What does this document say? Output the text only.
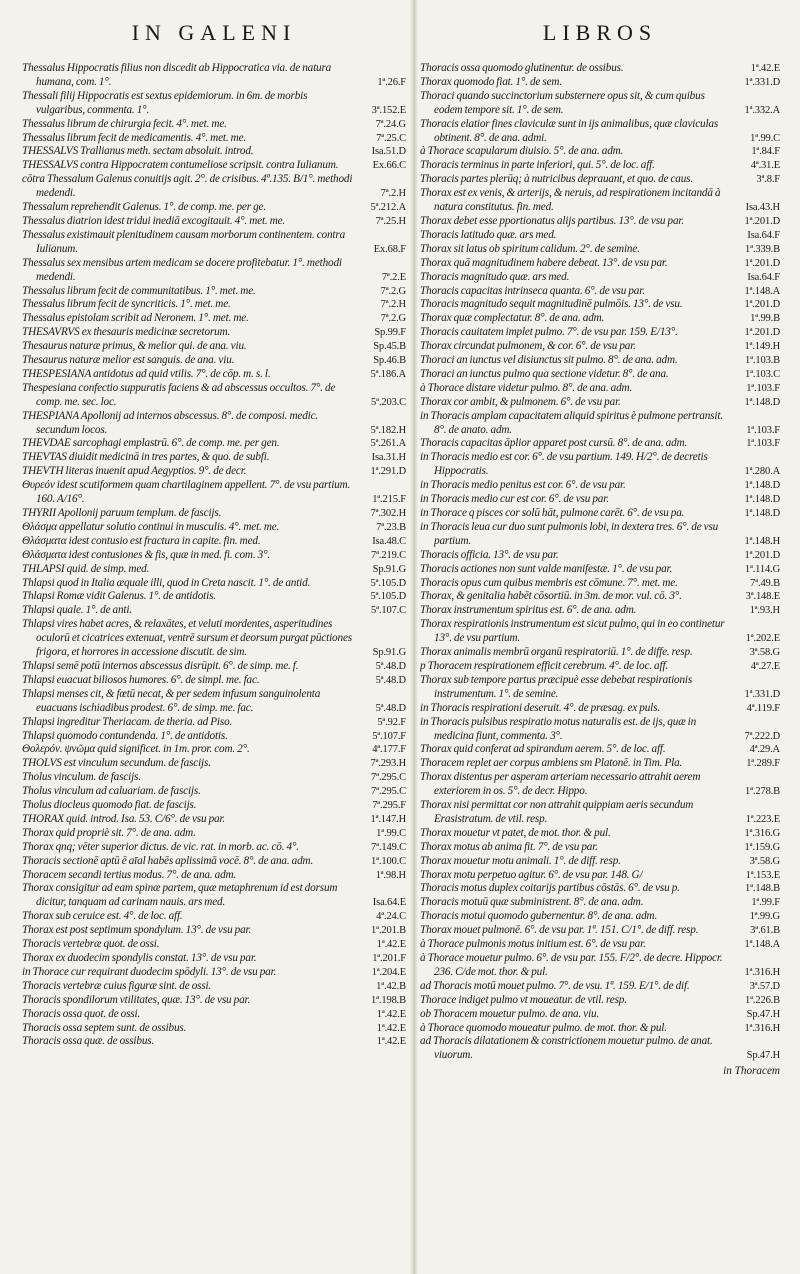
IN GALENI
Thessalus Hippocratis filius non discedit ab Hippocratica via. de natura humana, com. 1°.	1ª.26.F
Thessali filij Hippocratis est sextus epidemiorum. in 6m. de morbis vulgaribus, commenta. 1°.	3ª.152.E
Thessalus librum de chirurgia fecit. 4°. met. me.	7ª.24.G
Thessalus librum fecit de medicamentis. 4°. met. me.	7ª.25.C
THESSALVS Trallianus meth. sectam absoluit. introd.	Isa.51.D
THESSALVS contra Hippocratem contumeliose scripsit. contra Iulianum.	Ex.66.C
cōtra Thessalum Galenus conuitijs agit. 2°. de crisibus. 4ª.135. B/1°. methodi medendi.	7ª.2.H
Thessalum reprehendit Galenus. 1°. de comp. me. per ge.	5ª.212.A
Thessalus diatrion idest tridui inediā excogitauit. 4°. met. me.	7ª.25.H
Thessalus existimauit plenitudinem causam morborum continentem. contra Iulianum.	Ex.68.F
Thessalus sex mensibus artem medicam se docere profitebatur. 1°. methodi medendi.	7ª.2.E
Thessalus librum fecit de communitatibus. 1°. met. me.	7ª.2.G
Thessalus librum fecit de syncriticis. 1°. met. me.	7ª.2.H
Thessalus epistolam scribit ad Neronem. 1°. met. me.	7ª.2.G
THESAVRVS ex thesauris medicinæ secretorum.	Sp.99.F
Thesaurus naturæ primus, & melior qui. de ana. viu.	Sp.45.B
Thesaurus naturæ melior est sanguis. de ana. viu.	Sp.46.B
THESPESIANA antidotus ad quid vtilis. 7°. de cōp. m. s. l.	5ª.186.A
Thespesiana confectio suppuratis faciens & ad abscessus occultos. 7°. de comp. me. sec. loc.	5ª.203.C
THESPIANA Apollonij ad internos abscessus. 8°. de composi. medic. secundum locos.	5ª.182.H
THEVDAE sarcophagi emplastrū. 6°. de comp. me. per gen.	5ª.261.A
THEVTAS diuidit medicinā in tres partes, & quo. de subfi.	Isa.31.H
THEVTH literas inuenit apud Aegyptios. 9°. de decr.	1ª.291.D
Θυρεόν idest scutiformem quam chartilaginem appellent. 7°. de vsu partium. 160. A/16°.	1ª.215.F
THYRII Apollonij paruum templum. de fascijs.	7ª.302.H
Θλάσμα appellatur solutio continui in musculis. 4°. met. me.	7ª.23.B
Θλάσματα idest contusio est fractura in capite. fin. med.	Isa.48.C
Θλάσματα idest contusiones & fis, quæ in med. fi. com. 3°.	7ª.219.C
THLAPSI quid. de simp. med.	Sp.91.G
Thlapsi quod in Italia æquale illi, quod in Creta nascit. 1°. de antid.	5ª.105.D
Thlapsi Romæ vidit Galenus. 1°. de antidotis.	5ª.105.D
Thlapsi quale. 1°. de anti.	5ª.107.C
Thlapsi vires habet acres, & relaxātes, et veluti mordentes, asperitudines oculorū et cicatrices extenuat, ventrē sursum et deorsum purgat pūctiones frigora, et horrores in accessione discutit. de sim.	Sp.91.G
Thlapsi semē potū internos abscessus disrūpit. 6°. de simp. me. f.	5ª.48.D
Thlapsi euacuat biliosos humores. 6°. de simpl. me. fac.	5ª.48.D
Thlapsi menses cit, & fœtū necat, & per sedem infusum sanguinolenta euacuans ischiadibus prodest. 6°. de simp. me. fac.	5ª.48.D
Thlapsi ingreditur Theriacam. de theria. ad Piso.	5ª.92.F
Thlapsi quomodo contundenda. 1°. de antidotis.	5ª.107.F
Θολερόν. ψνῶμα quid significet. in 1m. pror. com. 2°.	4ª.177.F
THOLVS est vinculum secundum. de fascijs.	7ª.293.H
Tholus vinculum. de fascijs.	7ª.295.C
Tholus vinculum ad caluariam. de fascijs.	7ª.295.C
Tholus diocleus quomodo fiat. de fascijs.	7ª.295.F
THORAX quid. introd. Isa. 53. C/6°. de vsu par.	1ª.147.H
Thorax quid propriè sit. 7°. de ana. adm.	1ª.99.C
Thorax qnq; vēter superior dictus. de vic. rat. in morb. ac. cō. 4°.	7ª.149.C
Thoracis sectionē aptū ē aīal habēs aplissimā vocē. 8°. de ana. adm.	1ª.100.C
Thoracem secandi tertius modus. 7°. de ana. adm.	1ª.98.H
Thorax consigitur ad eam spinæ partem, quæ metaphrenum id est dorsum dicitur, tanquam ad carinam nauis. ars med.	Isa.64.E
Thorax sub ceruice est. 4°. de loc. aff.	4ª.24.C
Thorax est post septimum spondylum. 13°. de vsu par.	1ª.201.B
Thoracis vertebræ quot. de ossi.	1ª.42.E
Thorax ex duodecim spondylis constat. 13°. de vsu par.	1ª.201.F
in Thorace cur requirant duodecim spōdyli. 13°. de vsu par.	1ª.204.E
Thoracis vertebræ cuius figuræ sint. de ossi.	1ª.42.B
Thoracis spondilorum vtilitates, quæ. 13°. de vsu par.	1ª.198.B
Thoracis ossa quot. de ossi.	1ª.42.E
Thoracis ossa septem sunt. de ossibus.	1ª.42.E
Thoracis ossa quæ. de ossibus.	1ª.42.E
LIBROS
Thoracis ossa quomodo glutinentur. de ossibus.	1ª.42.E
Thorax quomodo fiat. 1°. de sem.	1ª.331.D
Thoraci quando succinctorium substernere opus sit, & cum quibus eodem tempore sit. 1°. de sem.	1ª.332.A
Thoracis elatior fines claviculæ sunt in ijs animalibus, quæ claviculas obtinent. 8°. de ana. admi.	1ª.99.C
à Thorace scapularum diuisio. 5°. de ana. adm.	1ª.84.F
Thoracis terminus in parte inferiori, qui. 5°. de loc. aff.	4ª.31.E
Thoracis partes plerūq; à nutricibus deprauant, et quo. de caus.	3ª.8.F
Thorax est ex venis, & arterijs, & neruis, ad respirationem incitandā à natura constitutus. fin. med.	Isa.43.H
Thorax debet esse pportionatus alijs partibus. 13°. de vsu par.	1ª.201.D
Thoracis latitudo quæ. ars med.	Isa.64.F
Thorax sit latus ob spiritum calidum. 2°. de semine.	1ª.339.B
Thorax quā magnitudinem habere debeat. 13°. de vsu par.	1ª.201.D
Thoracis magnitudo quæ. ars med.	Isa.64.F
Thoracis capacitas intrinseca quanta. 6°. de vsu par.	1ª.148.A
Thoracis magnitudo sequit magnitudinē pulmōis. 13°. de vsu.	1ª.201.D
Thorax quæ complectatur. 8°. de ana. adm.	1ª.99.B
Thoracis cauitatem implet pulmo. 7°. de vsu par. 159. E/13°.	1ª.201.D
Thorax circundat pulmonem, & cor. 6°. de vsu par.	1ª.149.H
Thoraci an iunctus vel disiunctus sit pulmo. 8°. de ana. adm.	1ª.103.B
Thoraci an iunctus pulmo qua sectione videtur. 8°. de ana.	1ª.103.C
à Thorace distare videtur pulmo. 8°. de ana. adm.	1ª.103.F
Thorax cor ambit, & pulmonem. 6°. de vsu par.	1ª.148.D
in Thoracis amplam capacitatem aliquid spiritus è pulmone pertransit. 8°. de anato. adm.	1ª.103.F
Thoracis capacitas āplior apparet post cursū. 8°. de ana. adm.	1ª.103.F
in Thoracis medio est cor. 6°. de vsu partium. 149. H/2°. de decretis Hippocratis.	1ª.280.A
in Thoracis medio penitus est cor. 6°. de vsu par.	1ª.148.D
in Thoracis medio cur est cor. 6°. de vsu par.	1ª.148.D
in Thorace q pisces cor solū hāt, pulmone carēt. 6°. de vsu pa.	1ª.148.D
in Thoracis leua cur duo sunt pulmonis lobi, in dextera tres. 6°. de vsu partium.	1ª.148.H
Thoracis officia. 13°. de vsu par.	1ª.201.D
Thoracis actiones non sunt valde manifestæ. 1°. de vsu par.	1ª.114.G
Thoracis opus cum quibus membris est cōmune. 7°. met. me.	7ª.49.B
Thorax, & genitalia habēt cōsortiū. in 3m. de mor. vul. cō. 3°.	3ª.148.E
Thorax instrumentum spiritus est. 6°. de ana. adm.	1ª.93.H
Thorax respirationis instrumentum est sicut pulmo, qui in eo continetur 13°. de vsu partium.	1ª.202.E
Thorax animalis membrū organū respiratoriū. 1°. de diffe. resp.	3ª.58.G
p Thoracem respirationem efficit cerebrum. 4°. de loc. aff.	4ª.27.E
Thorax sub tempore partus præcipuè esse debebat respirationis instrumentum. 1°. de semine.	1ª.331.D
in Thoracis respirationi deseruit. 4°. de præsag. ex puls.	4ª.119.F
in Thoracis pulsibus respiratio motus naturalis est. de ijs, quæ in medicina fiunt, commenta. 3°.	7ª.222.D
Thorax quid conferat ad spirandum aerem. 5°. de loc. aff.	4ª.29.A
Thoracem replet aer corpus ambiens sm Platonē. in Tim. Pla.	1ª.289.F
Thorax distentus per asperam arteriam necessario attrahit aerem exteriorem in os. 5°. de decr. Hippo.	1ª.278.B
Thorax nisi permittat cor non attrahit quippiam aeris secundum Erasistratum. de vtil. resp.	1ª.223.E
Thorax mouetur vt patet, de mot. thor. & pul.	1ª.316.G
Thorax motus ab anima fit. 7°. de vsu par.	1ª.159.G
Thorax mouetur motu animali. 1°. de diff. resp.	3ª.58.G
Thorax motu perpetuo agitur. 6°. de vsu par. 148. G/	1ª.153.E
Thoracis motus duplex coitarijs partibus cōstās. 6°. de vsu p.	1ª.148.B
Thoracis motuū quæ subministrent. 8°. de ana. adm.	1ª.99.F
Thoracis motui quomodo gubernentur. 8°. de ana. adm.	1ª.99.G
Thorax mouet pulmonē. 6°. de vsu par. 1ª. 151. C/1°. de diff. resp.	3ª.61.B
à Thorace pulmonis motus initium est. 6°. de vsu par.	1ª.148.A
à Thorace mouetur pulmo. 6°. de vsu par. 155. F/2°. de decre. Hippocr. 236. C/de mot. thor. & pul.	1ª.316.H
ad Thoracis motū mouet pulmo. 7°. de vsu. 1ª. 159. E/1°. de dif.	3ª.57.D
Thorace indiget pulmo vt moueatur. de vtil. resp.	1ª.226.B
ob Thoracem mouetur pulmo. de ana. viu.	Sp.47.H
à Thorace quomodo moueatur pulmo. de mot. thor. & pul.	1ª.316.H
ad Thoracis dilatationem & constrictionem mouetur pulmo. de anat. viuorum.	Sp.47.H
in Thoracem
